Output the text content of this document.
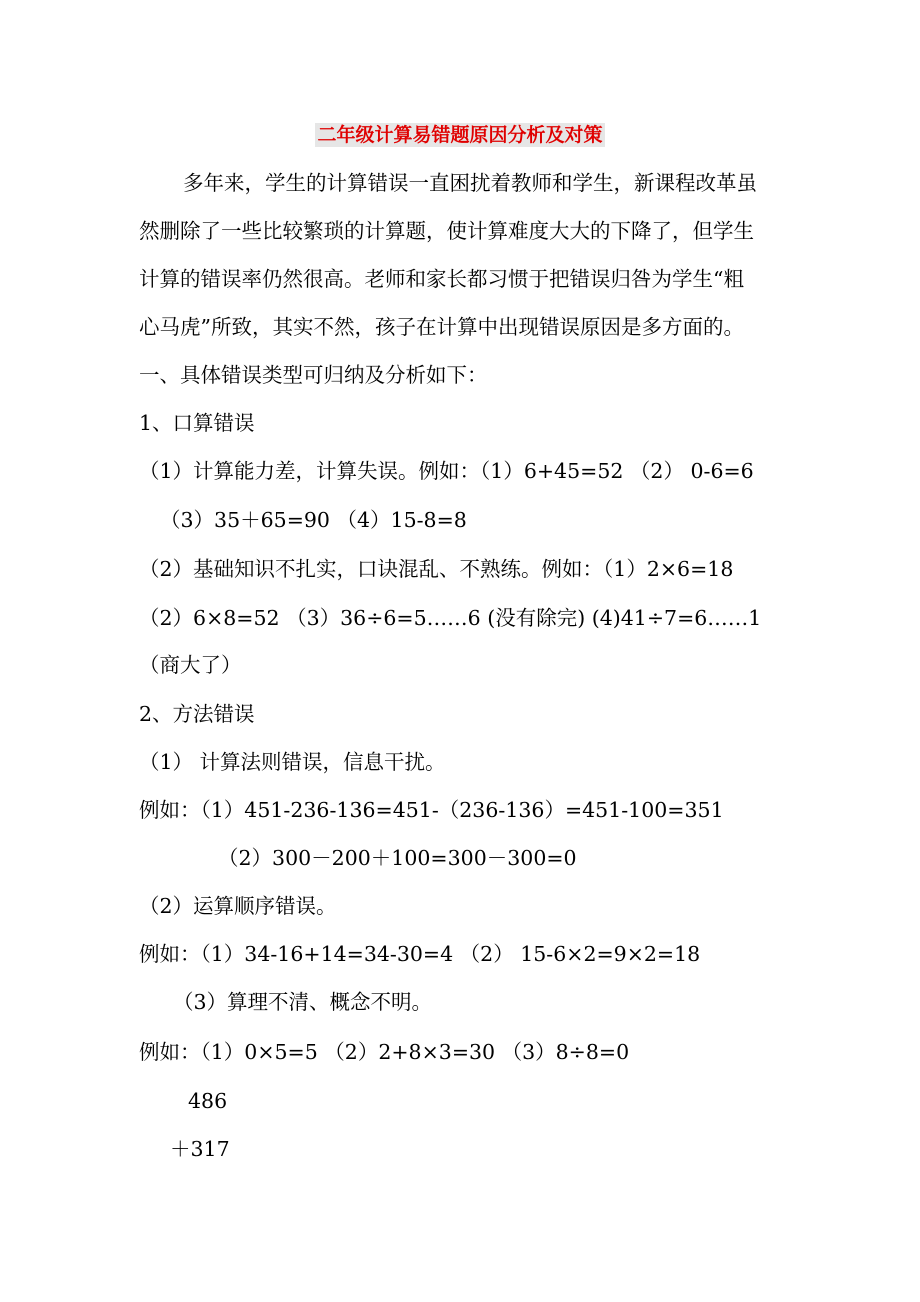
二年级计算易错题原因分析及对策
多年来，学生的计算错误一直困扰着教师和学生，新课程改革虽
然删除了一些比较繁琐的计算题，使计算难度大大的下降了，但学生
计算的错误率仍然很高。老师和家长都习惯于把错误归咎为学生“粗
心马虎”所致，其实不然，孩子在计算中出现错误原因是多方面的。
一、具体错误类型可归纳及分析如下：
1、口算错误
（1）计算能力差，计算失误。例如：（1）6+45=52 （2） 0-6=6
（3）35＋65=90 （4）15-8=8
（2）基础知识不扎实，口诀混乱、不熟练。例如：（1）2×6=18
（2）6×8=52 （3）36÷6=5……6 (没有除完) (4)41÷7=6……1
（商大了）
2、方法错误
（1） 计算法则错误，信息干扰。
例如：（1）451-236-136=451-（236-136）=451-100=351
（2）300－200＋100=300－300=0
（2）运算顺序错误。
例如：（1）34-16+14=34-30=4 （2） 15-6×2=9×2=18
（3）算理不清、概念不明。
例如：（1）0×5=5 （2）2+8×3=30 （3）8÷8=0
486
＋317
